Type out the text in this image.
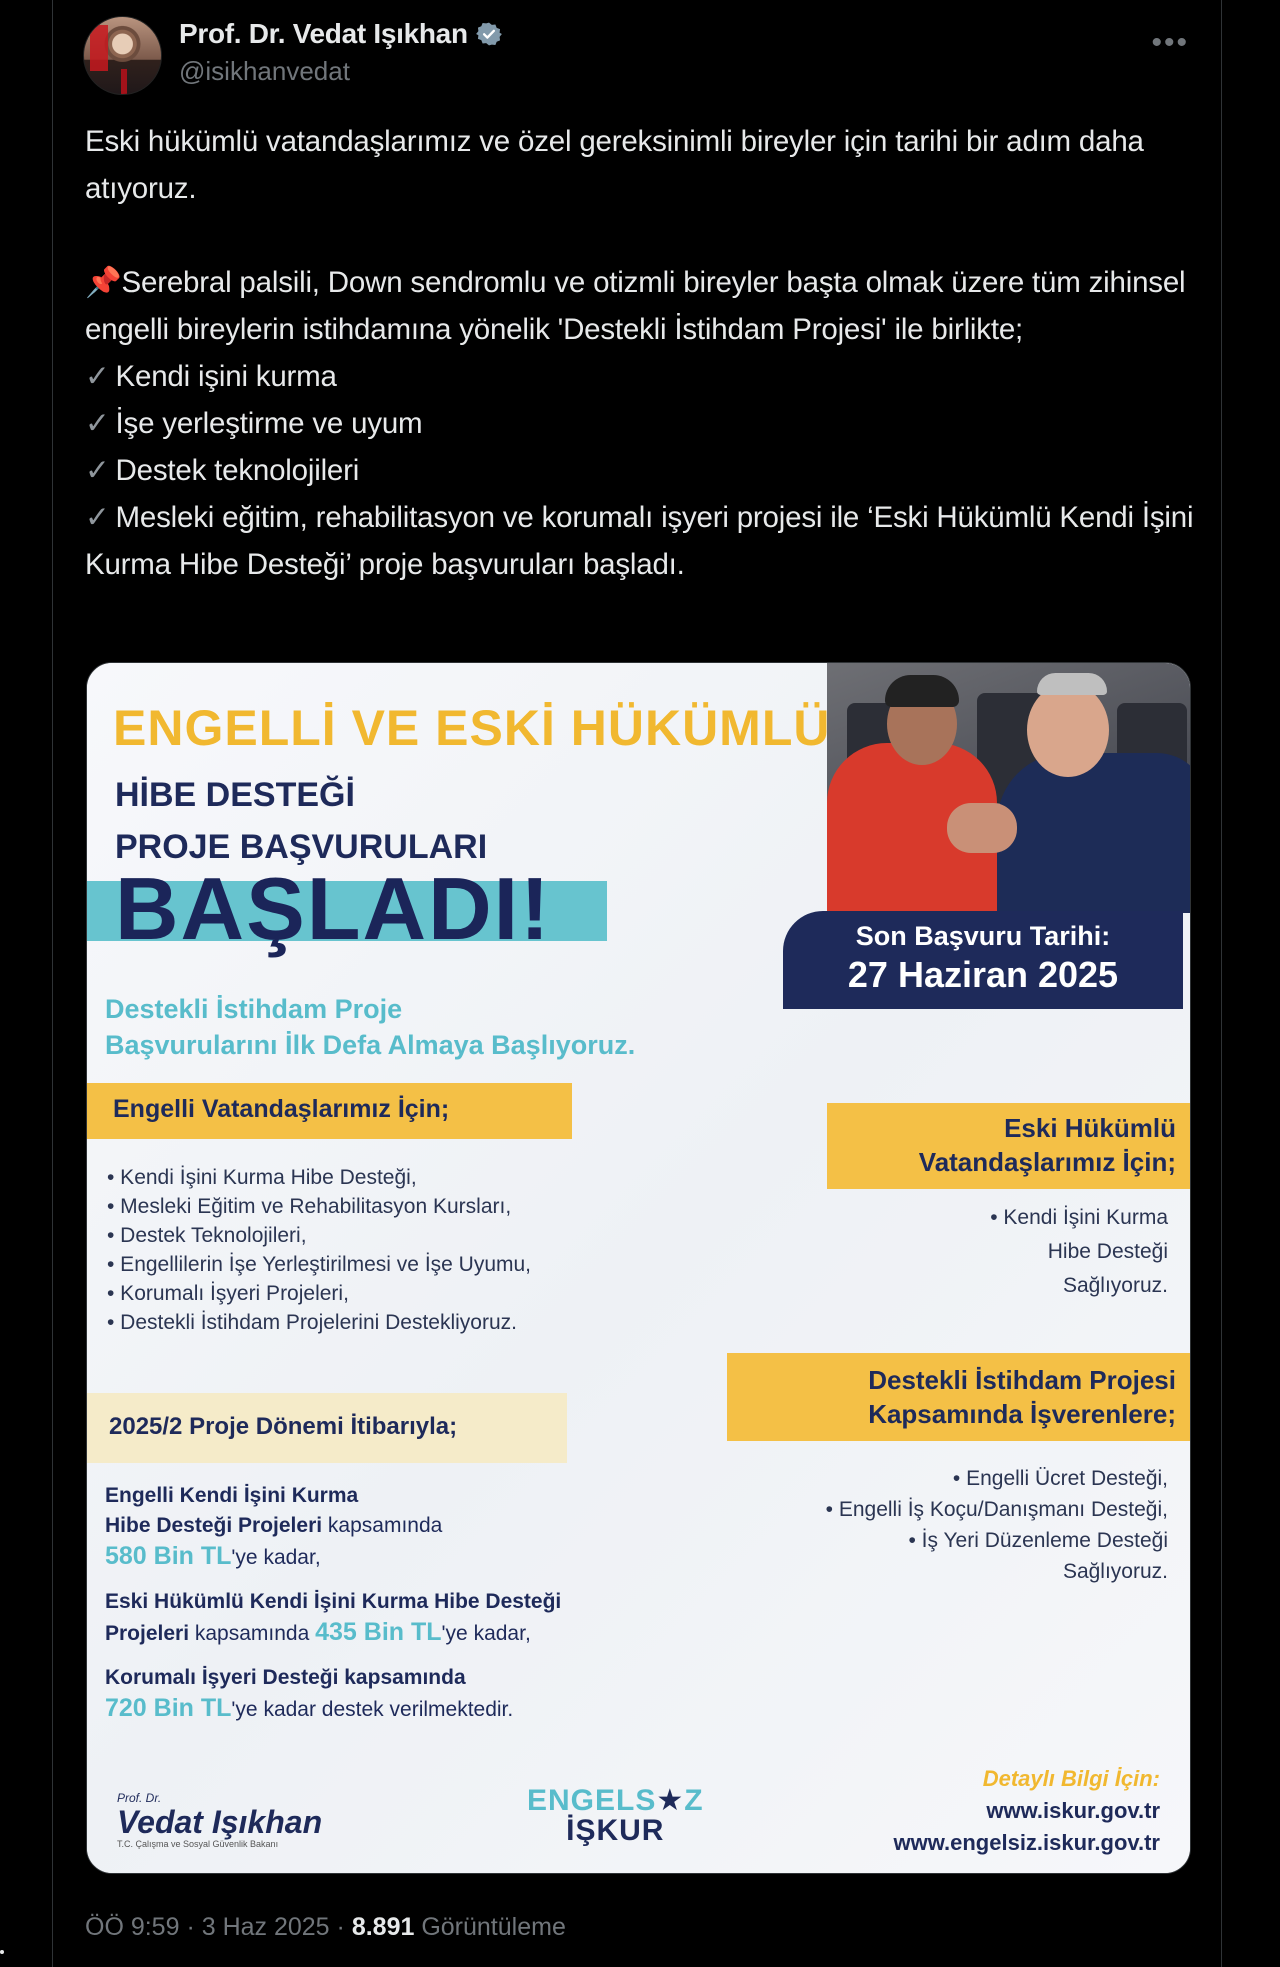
Prof. Dr. Vedat Işıkhan
@isikhanvedat
•••

Eski hükümlü vatandaşlarımız ve özel gereksinimli bireyler için tarihi bir adım daha atıyoruz.

📌Serebral palsili, Down sendromlu ve otizmli bireyler başta olmak üzere tüm zihinsel engelli bireylerin istihdamına yönelik 'Destekli İstihdam Projesi' ile birlikte;

✓ Kendi işini kurma

✓ İşe yerleştirme ve uyum

✓ Destek teknolojileri

✓ Mesleki eğitim, rehabilitasyon ve korumalı işyeri projesi ile ‘Eski Hükümlü Kendi İşini Kurma Hibe Desteği’ proje başvuruları başladı.

ENGELLİ VE ESKİ HÜKÜMLÜ
HİBE DESTEĞİ
PROJE BAŞVURULARI
BAŞLADI!
Destekli İstihdam Proje
Başvurularını İlk Defa Almaya Başlıyoruz.
Son Başvuru Tarihi:
27 Haziran 2025
Engelli Vatandaşlarımız İçin;
• Kendi İşini Kurma Hibe Desteği,
• Mesleki Eğitim ve Rehabilitasyon Kursları,
• Destek Teknolojileri,
• Engellilerin İşe Yerleştirilmesi ve İşe Uyumu,
• Korumalı İşyeri Projeleri,
• Destekli İstihdam Projelerini Destekliyoruz.
Eski Hükümlü
Vatandaşlarımız İçin;
• Kendi İşini Kurma
Hibe Desteği
Sağlıyoruz.
Destekli İstihdam Projesi
Kapsamında İşverenlere;
• Engelli Ücret Desteği,
• Engelli İş Koçu/Danışmanı Desteği,
• İş Yeri Düzenleme Desteği
Sağlıyoruz.
2025/2 Proje Dönemi İtibarıyla;
Engelli Kendi İşini Kurma
Hibe Desteği Projeleri kapsamında
580 Bin TL'ye kadar,
Eski Hükümlü Kendi İşini Kurma Hibe Desteği
Projeleri kapsamında 435 Bin TL'ye kadar,
Korumalı İşyeri Desteği kapsamında
720 Bin TL'ye kadar destek verilmektedir.
Prof. Dr.
Vedat Işıkhan
T.C. Çalışma ve Sosyal Güvenlik Bakanı
ENGELS★Z
İŞKUR
Detaylı Bilgi İçin:
www.iskur.gov.tr
www.engelsiz.iskur.gov.tr
ÖÖ 9:59 · 3 Haz 2025 · 8.891 Görüntüleme
